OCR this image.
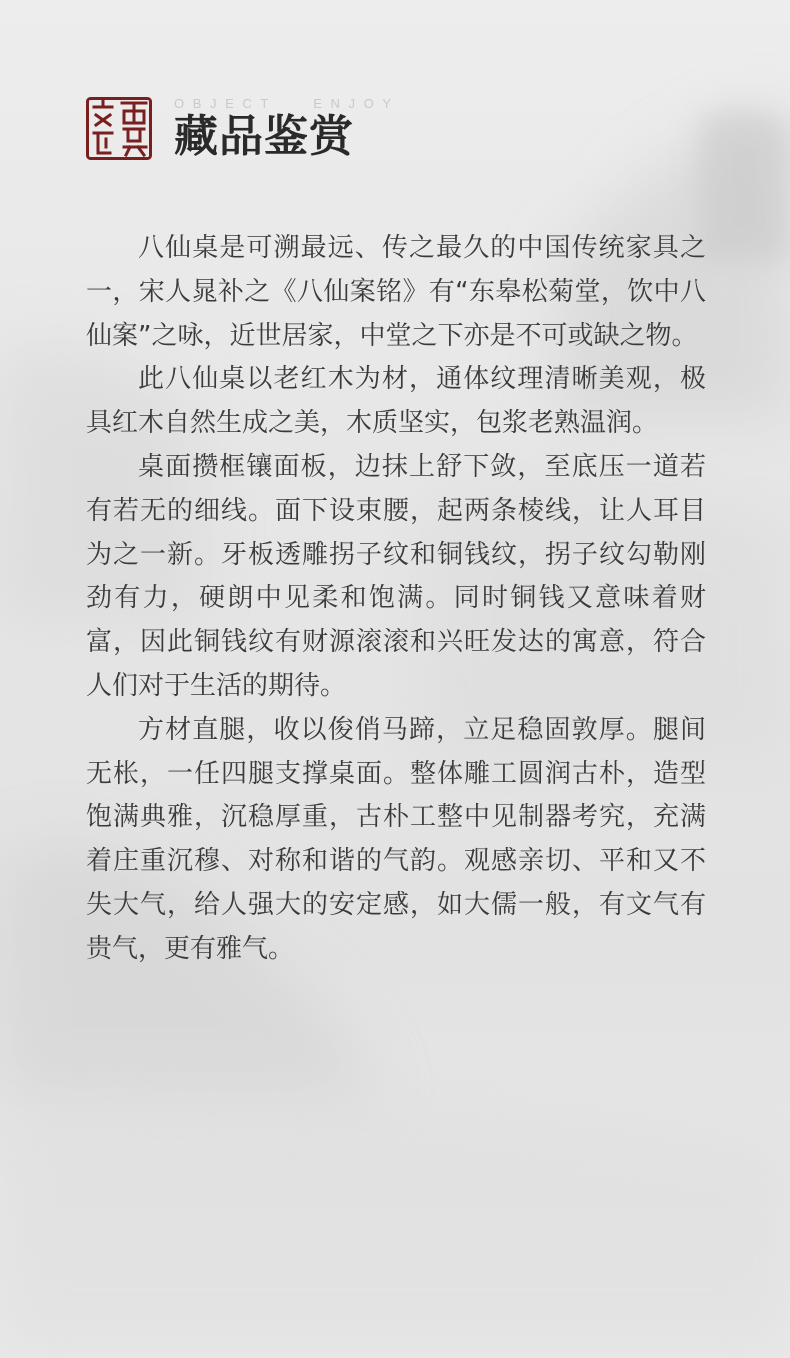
OBJECT   ENJOY
藏品鉴赏

八仙桌是可溯最远、传之最久的中国传统家具之一，宋人晁补之《八仙案铭》有“东皋松菊堂，饮中八仙案”之咏，近世居家，中堂之下亦是不可或缺之物。

此八仙桌以老红木为材，通体纹理清晰美观，极具红木自然生成之美，木质坚实，包浆老熟温润。

桌面攒框镶面板，边抹上舒下敛，至底压一道若有若无的细线。面下设束腰，起两条棱线，让人耳目为之一新。牙板透雕拐子纹和铜钱纹，拐子纹勾勒刚劲有力，硬朗中见柔和饱满。同时铜钱又意味着财富，因此铜钱纹有财源滚滚和兴旺发达的寓意，符合人们对于生活的期待。

方材直腿，收以俊俏马蹄，立足稳固敦厚。腿间无枨，一任四腿支撑桌面。整体雕工圆润古朴，造型饱满典雅，沉稳厚重，古朴工整中见制器考究，充满着庄重沉穆、对称和谐的气韵。观感亲切、平和又不失大气，给人强大的安定感，如大儒一般，有文气有贵气，更有雅气。
